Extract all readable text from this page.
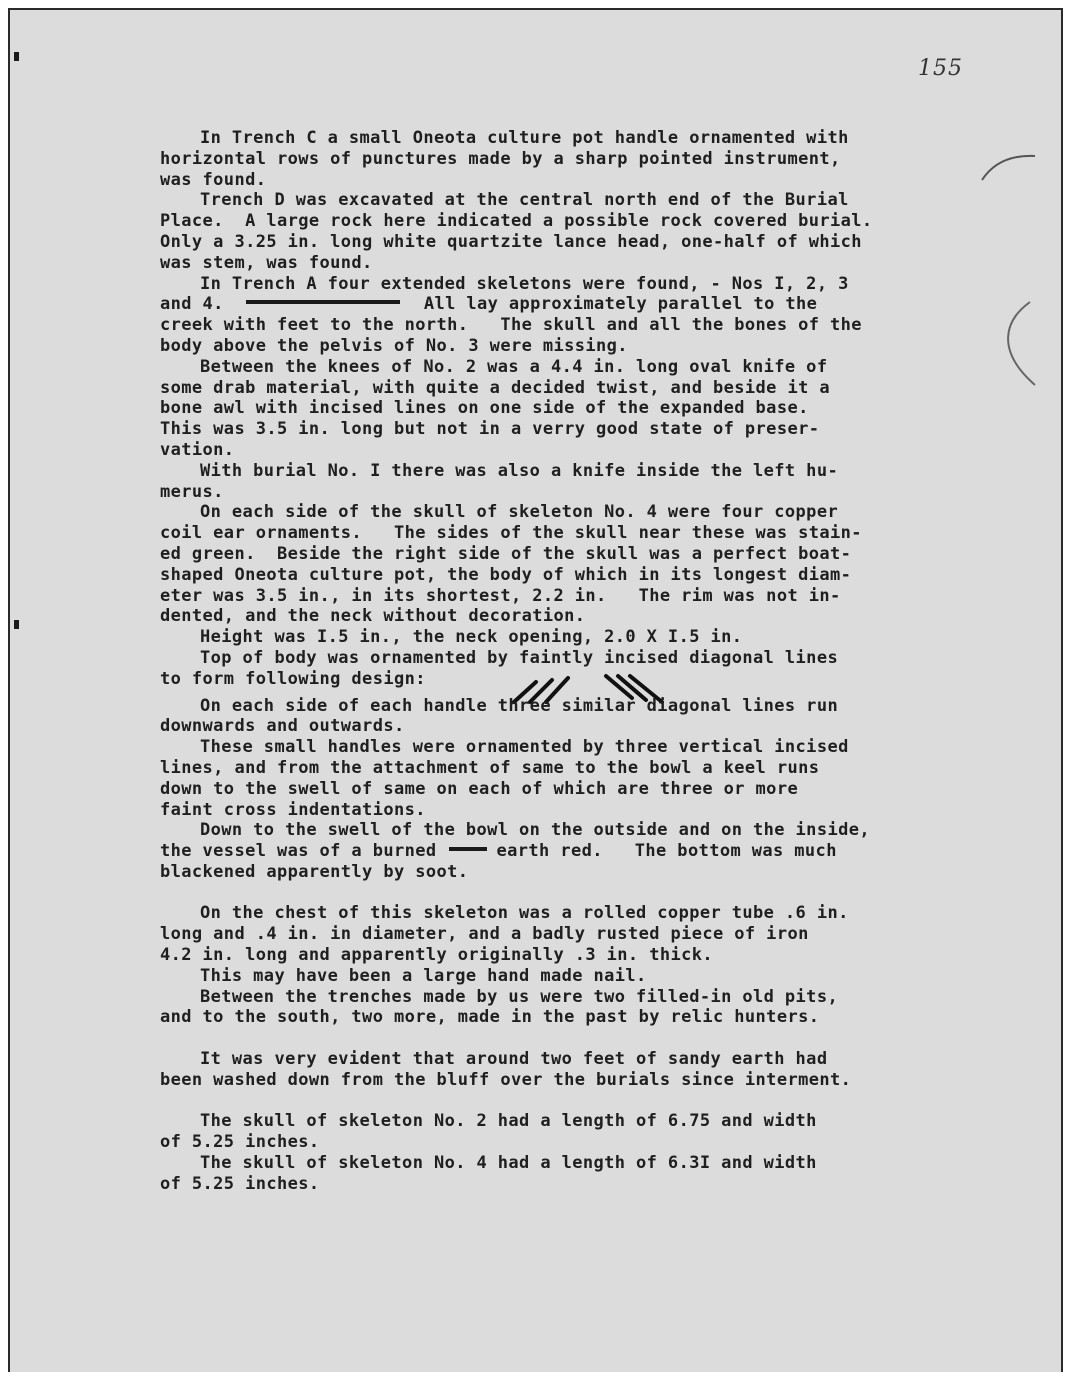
155
In Trench C a small Oneota culture pot handle ornamented with
horizontal rows of punctures made by a sharp pointed instrument,
was found.
Trench D was excavated at the central north end of the Burial
Place.  A large rock here indicated a possible rock covered burial.
Only a 3.25 in. long white quartzite lance head, one-half of which
was stem, was found.
In Trench A four extended skeletons were found, - Nos I, 2, 3
and 4.	All lay approximately parallel to the
creek with feet to the north.   The skull and all the bones of the
body above the pelvis of No. 3 were missing.
Between the knees of No. 2 was a 4.4 in. long oval knife of
some drab material, with quite a decided twist, and beside it a
bone awl with incised lines on one side of the expanded base.
This was 3.5 in. long but not in a verry good state of preser-
vation.
With burial No. I there was also a knife inside the left hu-
merus.
On each side of the skull of skeleton No. 4 were four copper
coil ear ornaments.   The sides of the skull near these was stain-
ed green.  Beside the right side of the skull was a perfect boat-
shaped Oneota culture pot, the body of which in its longest diam-
eter was 3.5 in., in its shortest, 2.2 in.   The rim was not in-
dented, and the neck without decoration.
Height was I.5 in., the neck opening, 2.0 X I.5 in.
Top of body was ornamented by faintly incised diagonal lines
to form following design:
On each side of each handle three similar diagonal lines run
downwards and outwards.
These small handles were ornamented by three vertical incised
lines, and from the attachment of same to the bowl a keel runs
down to the swell of same on each of which are three or more
faint cross indentations.
Down to the swell of the bowl on the outside and on the inside,
the vessel was of a burned	earth red.   The bottom was much
blackened apparently by soot.
On the chest of this skeleton was a rolled copper tube .6 in.
long and .4 in. in diameter, and a badly rusted piece of iron
4.2 in. long and apparently originally .3 in. thick.
This may have been a large hand made nail.
Between the trenches made by us were two filled-in old pits,
and to the south, two more, made in the past by relic hunters.
It was very evident that around two feet of sandy earth had
been washed down from the bluff over the burials since interment.
The skull of skeleton No. 2 had a length of 6.75 and width
of 5.25 inches.
The skull of skeleton No. 4 had a length of 6.3I and width
of 5.25 inches.
